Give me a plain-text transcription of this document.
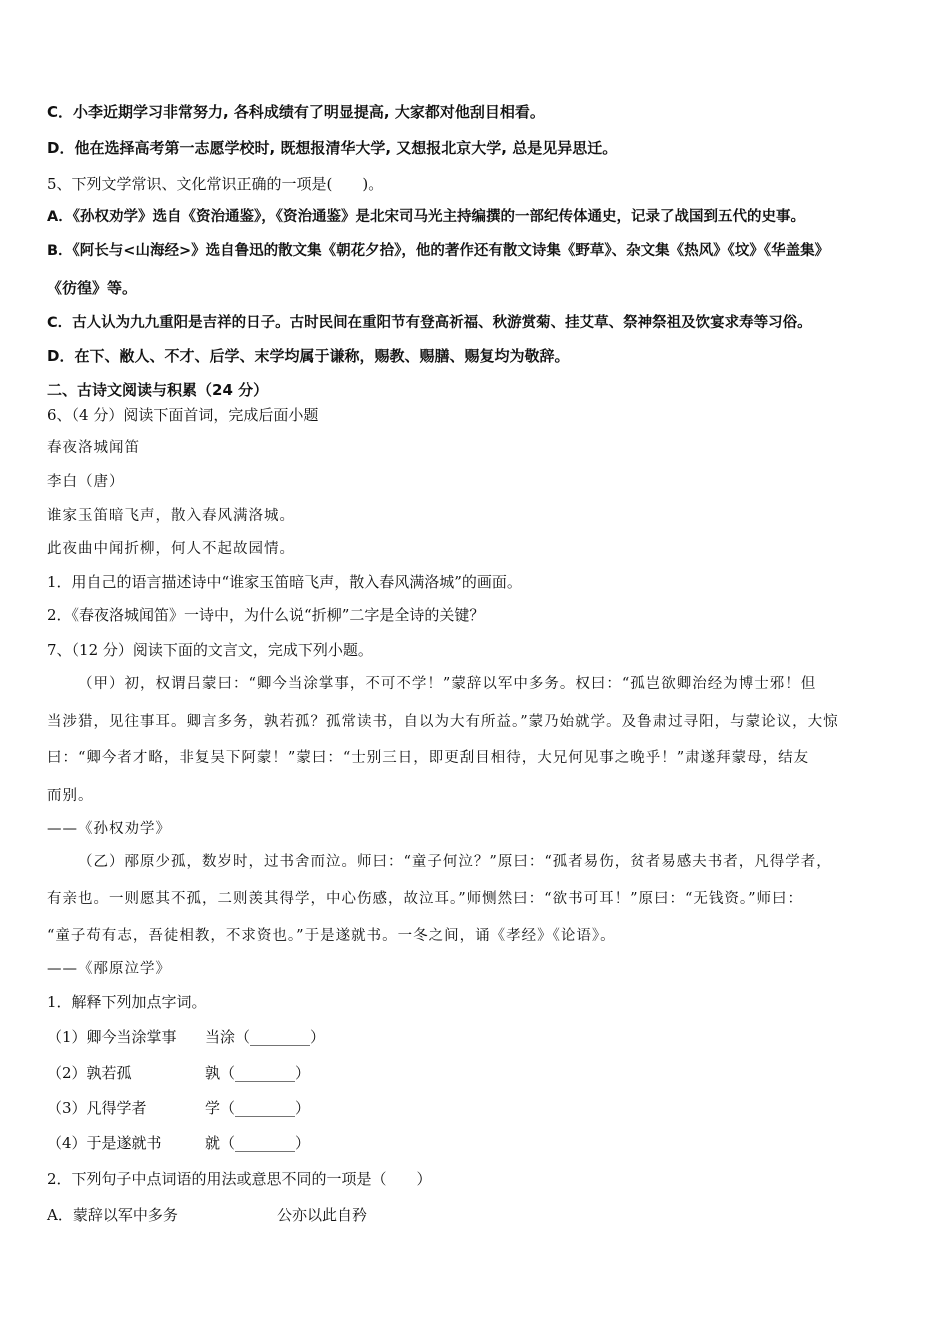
C．小李近期学习非常努力, 各科成绩有了明显提高, 大家都对他刮目相看。
D．他在选择高考第一志愿学校时, 既想报清华大学, 又想报北京大学, 总是见异思迁。
5、下列文学常识、文化常识正确的一项是(　　)。
A．《孙权劝学》选自《资治通鉴》，《资治通鉴》是北宋司马光主持编撰的一部纪传体通史，记录了战国到五代的史事。
B．《阿长与<山海经>》选自鲁迅的散文集《朝花夕拾》，他的著作还有散文诗集《野草》、杂文集《热风》《坟》《华盖集》
《彷徨》等。
C．古人认为九九重阳是吉祥的日子。古时民间在重阳节有登高祈福、秋游赏菊、挂艾草、祭神祭祖及饮宴求寿等习俗。
D．在下、敝人、不才、后学、末学均属于谦称，赐教、赐膳、赐复均为敬辞。
二、古诗文阅读与积累（24 分）
6、（4 分）阅读下面首词，完成后面小题
春夜洛城闻笛
李白（唐）
谁家玉笛暗飞声，散入春风满洛城。
此夜曲中闻折柳，何人不起故园情。
1．用自己的语言描述诗中“谁家玉笛暗飞声，散入春风满洛城”的画面。
2．《春夜洛城闻笛》一诗中，为什么说“折柳”二字是全诗的关键？
7、（12 分）阅读下面的文言文，完成下列小题。
（甲）初，权谓吕蒙曰：“卿今当涂掌事，不可不学！”蒙辞以军中多务。权曰：“孤岂欲卿治经为博士邪！但
当涉猎，见往事耳。卿言多务，孰若孤？孤常读书，自以为大有所益。”蒙乃始就学。及鲁肃过寻阳，与蒙论议，大惊
曰：“卿今者才略，非复吴下阿蒙！”蒙曰：“士别三日，即更刮目相待，大兄何见事之晚乎！”肃遂拜蒙母，结友
而别。
——《孙权劝学》
（乙）邴原少孤，数岁时，过书舍而泣。师曰：“童子何泣？”原曰：“孤者易伤，贫者易感夫书者，凡得学者，
有亲也。一则愿其不孤，二则羡其得学，中心伤感，故泣耳。”师恻然曰：“欲书可耳！”原曰：“无钱资。”师曰：
“童子苟有志，吾徒相教，不求资也。”于是遂就书。一冬之间，诵《孝经》《论语》。
——《邴原泣学》
1．解释下列加点字词。
（1）卿今当涂掌事 当涂（________）
（2）孰若孤	孰（________）
（3）凡得学者	学（________）
（4）于是遂就书	就（________）
2．下列句子中点词语的用法或意思不同的一项是（　　）
A．蒙辞以军中多务	公亦以此自矜
